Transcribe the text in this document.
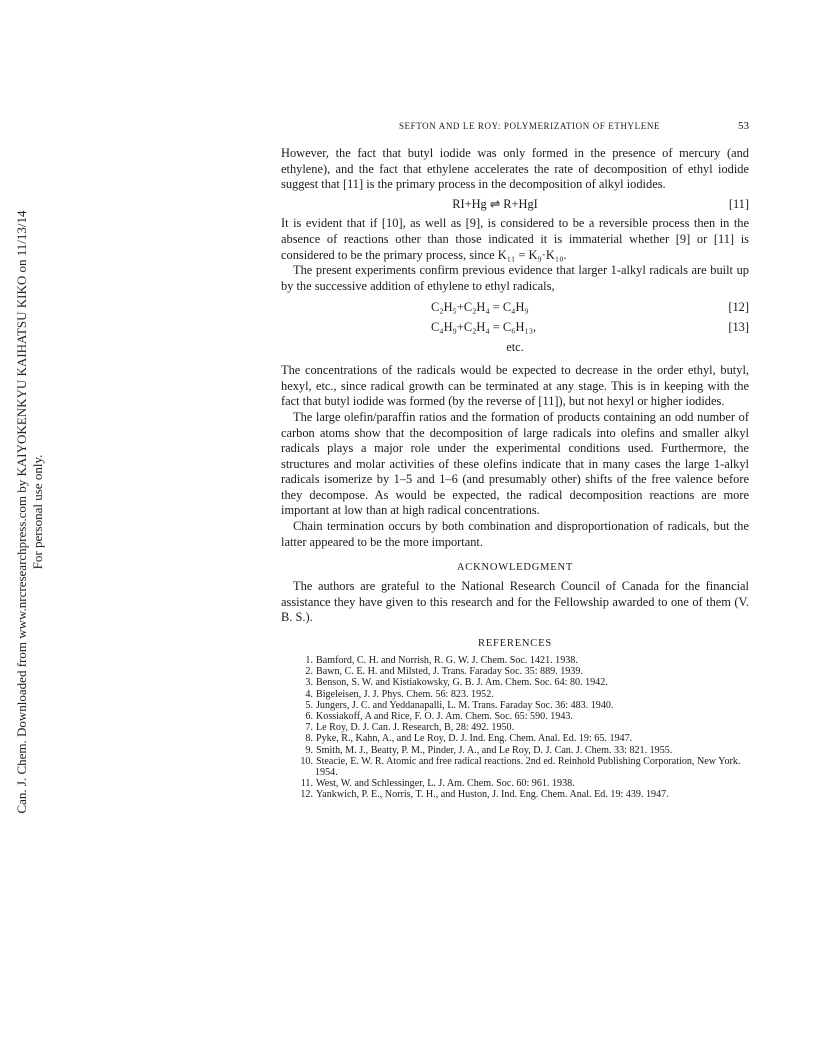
Can. J. Chem. Downloaded from www.nrcresearchpress.com by KAIYOKENKYU KAIHATSU KIKO on 11/13/14 For personal use only.
SEFTON AND LE ROY: POLYMERIZATION OF ETHYLENE	53

However, the fact that butyl iodide was only formed in the presence of mercury (and ethylene), and the fact that ethylene accelerates the rate of decomposition of ethyl iodide suggest that [11] is the primary process in the decomposition of alkyl iodides.

RI+Hg ⇌ R+HgI	[11]

It is evident that if [10], as well as [9], is considered to be a reversible process then in the absence of reactions other than those indicated it is immaterial whether [9] or [11] is considered to be the primary process, since K₁₁ = K₉·K₁₀.

The present experiments confirm previous evidence that larger 1-alkyl radicals are built up by the successive addition of ethylene to ethyl radicals,

C₂H₅+C₂H₄ = C₄H₉	[12]
C₄H₉+C₂H₄ = C₆H₁₃,	[13]
etc.

The concentrations of the radicals would be expected to decrease in the order ethyl, butyl, hexyl, etc., since radical growth can be terminated at any stage. This is in keeping with the fact that butyl iodide was formed (by the reverse of [11]), but not hexyl or higher iodides.

The large olefin/paraffin ratios and the formation of products containing an odd number of carbon atoms show that the decomposition of large radicals into olefins and smaller alkyl radicals plays a major role under the experimental conditions used. Furthermore, the structures and molar activities of these olefins indicate that in many cases the large 1-alkyl radicals isomerize by 1–5 and 1–6 (and presumably other) shifts of the free valence before they decompose. As would be expected, the radical decomposition reactions are more important at low than at high radical concentrations.

Chain termination occurs by both combination and disproportionation of radicals, but the latter appeared to be the more important.

ACKNOWLEDGMENT

The authors are grateful to the National Research Council of Canada for the financial assistance they have given to this research and for the Fellowship awarded to one of them (V. B. S.).

REFERENCES
1. Bamford, C. H. and Norrish, R. G. W. J. Chem. Soc. 1421. 1938.
2. Bawn, C. E. H. and Milsted, J. Trans. Faraday Soc. 35: 889. 1939.
3. Benson, S. W. and Kistiakowsky, G. B. J. Am. Chem. Soc. 64: 80. 1942.
4. Bigeleisen, J. J. Phys. Chem. 56: 823. 1952.
5. Jungers, J. C. and Yeddanapalli, L. M. Trans. Faraday Soc. 36: 483. 1940.
6. Kossiakoff, A and Rice, F. O. J. Am. Chem. Soc. 65: 590. 1943.
7. Le Roy, D. J. Can. J. Research, B, 28: 492. 1950.
8. Pyke, R., Kahn, A., and Le Roy, D. J. Ind. Eng. Chem. Anal. Ed. 19: 65. 1947.
9. Smith, M. J., Beatty, P. M., Pinder, J. A., and Le Roy, D. J. Can. J. Chem. 33: 821. 1955.
10. Steacie, E. W. R. Atomic and free radical reactions. 2nd ed. Reinhold Publishing Corporation, New York. 1954.
11. West, W. and Schlessinger, L. J. Am. Chem. Soc. 60: 961. 1938.
12. Yankwich, P. E., Norris, T. H., and Huston, J. Ind. Eng. Chem. Anal. Ed. 19: 439. 1947.
